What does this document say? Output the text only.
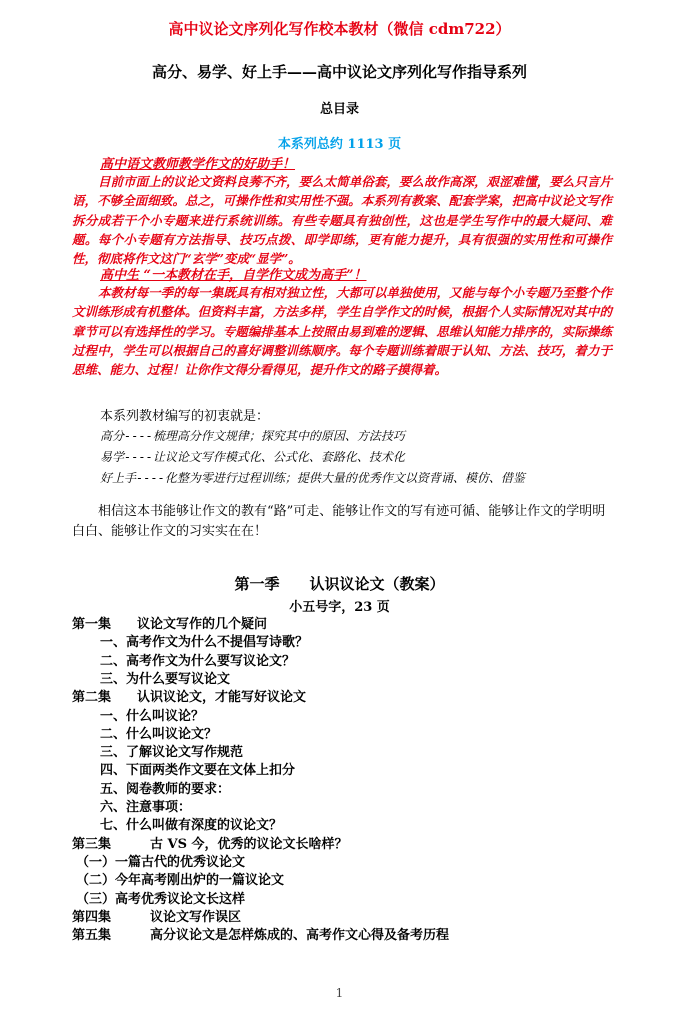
高中议论文序列化写作校本教材（微信 cdm722）
高分、易学、好上手——高中议论文序列化写作指导系列
总目录
本系列总约 1113 页
高中语文教师教学作文的好助手！
目前市面上的议论文资料良莠不齐，要么太简单俗套，要么故作高深，艰涩难懂，要么只言片语，不够全面细致。总之，可操作性和实用性不强。本系列有教案、配套学案，把高中议论文写作拆分成若干个小专题来进行系统训练。有些专题具有独创性，这也是学生写作中的最大疑问、难题。每个小专题有方法指导、技巧点拨、即学即练，更有能力提升，具有很强的实用性和可操作性，彻底将作文这门“玄学”变成“显学”。
高中生 “一本教材在手，自学作文成为高手”！
本教材每一季的每一集既具有相对独立性，大都可以单独使用，又能与每个小专题乃至整个作文训练形成有机整体。但资料丰富，方法多样，学生自学作文的时候，根据个人实际情况对其中的章节可以有选择性的学习。专题编排基本上按照由易到难的逻辑、思维认知能力排序的，实际操练过程中，学生可以根据自己的喜好调整训练顺序。每个专题训练着眼于认知、方法、技巧，着力于思维、能力、过程！让你作文得分看得见，提升作文的路子摸得着。
本系列教材编写的初衷就是：
高分----梳理高分作文规律；探究其中的原因、方法技巧
易学----让议论文写作模式化、公式化、套路化、技术化
好上手----化整为零进行过程训练；提供大量的优秀作文以资背诵、模仿、借鉴
相信这本书能够让作文的教有“路”可走、能够让作文的写有迹可循、能够让作文的学明明白白、能够让作文的习实实在在！
第一季　　认识议论文（教案）
小五号字，23 页
第一集　　议论文写作的几个疑问
一、高考作文为什么不提倡写诗歌？
二、高考作文为什么要写议论文？
三、为什么要写议论文
第二集　　认识议论文，才能写好议论文
一、什么叫议论？
二、什么叫议论文？
三、了解议论文写作规范
四、下面两类作文要在文体上扣分
五、阅卷教师的要求：
六、注意事项：
七、什么叫做有深度的议论文？
第三集　　　古 VS 今，优秀的议论文长啥样？
（一）一篇古代的优秀议论文
（二）今年高考刚出炉的一篇议论文
（三）高考优秀议论文长这样
第四集　　　议论文写作误区
第五集　　　高分议论文是怎样炼成的、高考作文心得及备考历程
1
